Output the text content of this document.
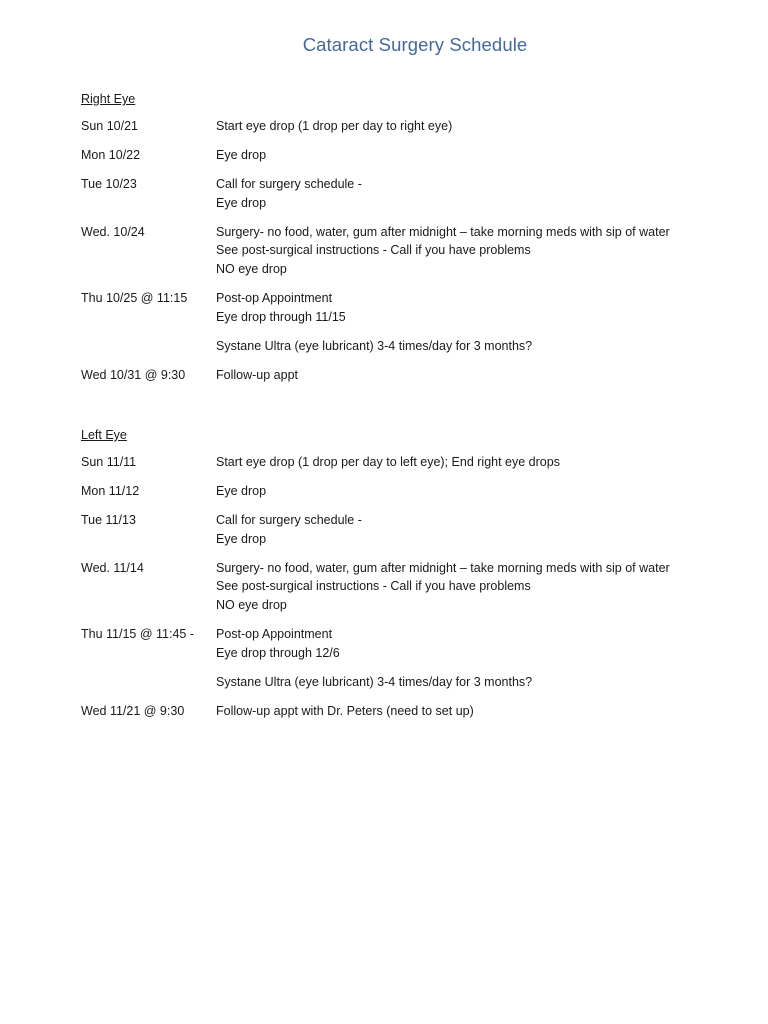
Cataract Surgery Schedule
Right Eye
Sun 10/21	Start eye drop (1 drop per day to right eye)
Mon 10/22	Eye drop
Tue 10/23	Call for surgery schedule -
Eye drop
Wed. 10/24	Surgery- no food, water, gum after midnight – take morning meds with sip of water
See post-surgical instructions - Call if you have problems
NO eye drop
Thu 10/25 @ 11:15	Post-op Appointment
Eye drop through 11/15
Systane Ultra (eye lubricant) 3-4 times/day for 3 months?
Wed 10/31 @ 9:30	Follow-up appt
Left Eye
Sun 11/11	Start eye drop (1 drop per day to left eye); End right eye drops
Mon 11/12	Eye drop
Tue 11/13	Call for surgery schedule -
Eye drop
Wed. 11/14	Surgery- no food, water, gum after midnight – take morning meds with sip of water
See post-surgical instructions - Call if you have problems
NO eye drop
Thu 11/15 @ 11:45 -	Post-op Appointment
Eye drop through 12/6
Systane Ultra (eye lubricant) 3-4 times/day for 3 months?
Wed 11/21 @ 9:30	Follow-up appt with Dr. Peters (need to set up)
